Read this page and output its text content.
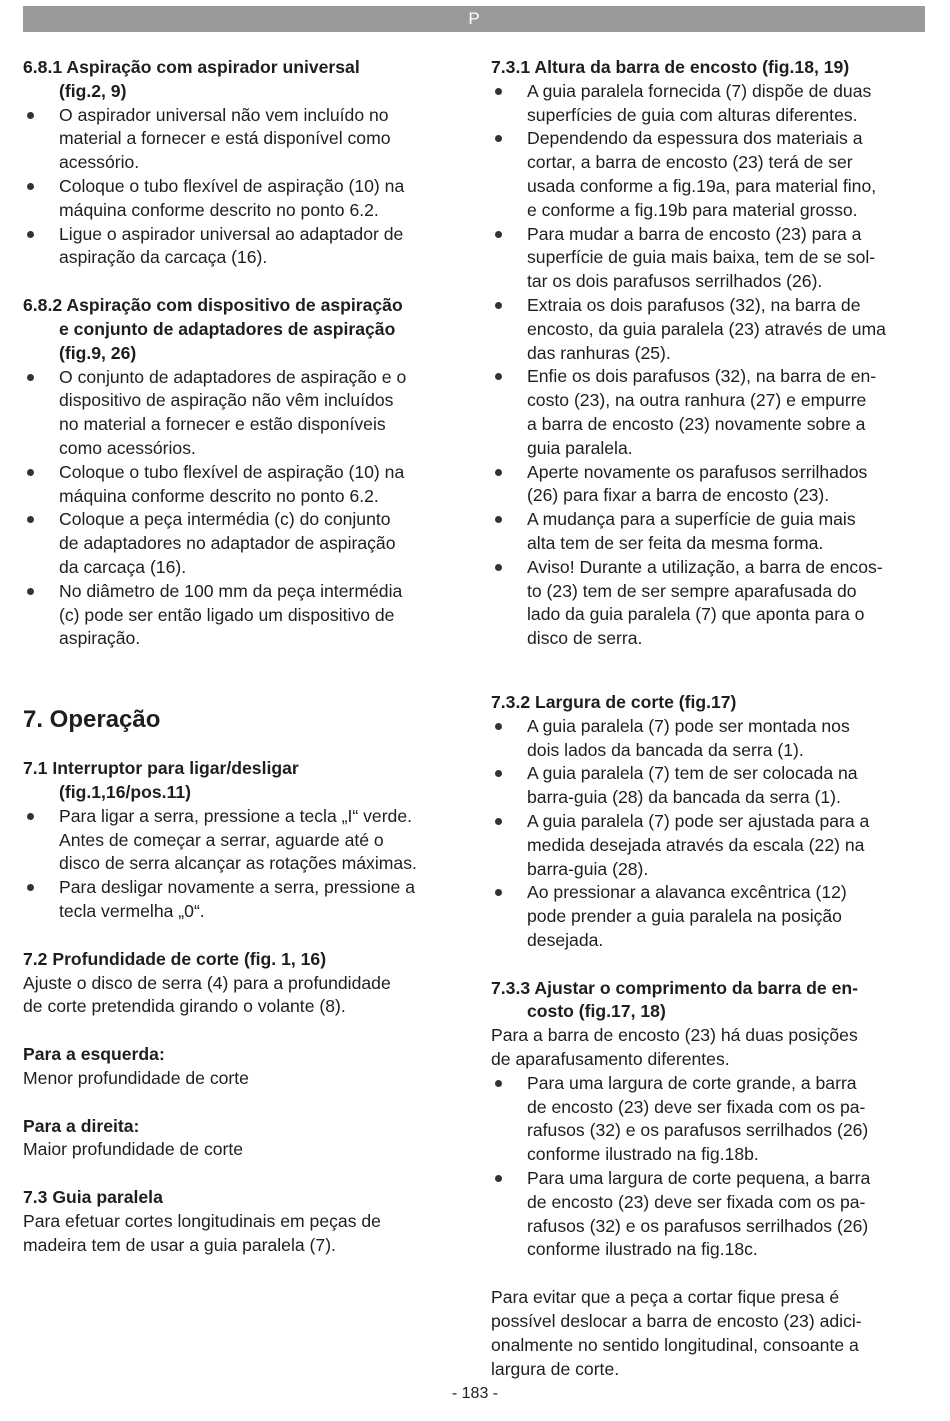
P
6.8.1 Aspiração com aspirador universal
(fig.2, 9)
O aspirador universal não vem incluído no
material a fornecer e está disponível como
acessório.
Coloque o tubo flexível de aspiração (10) na
máquina conforme descrito no ponto 6.2.
Ligue o aspirador universal ao adaptador de
aspiração da carcaça (16).
6.8.2 Aspiração com dispositivo de aspiração
e conjunto de adaptadores de aspiração
(fig.9, 26)
O conjunto de adaptadores de aspiração e o
dispositivo de aspiração não vêm incluídos
no material a fornecer e estão disponíveis
como acessórios.
Coloque o tubo flexível de aspiração (10) na
máquina conforme descrito no ponto 6.2.
Coloque a peça intermédia (c) do conjunto
de adaptadores no adaptador de aspiração
da carcaça (16).
No diâmetro de 100 mm da peça intermédia
(c) pode ser então ligado um dispositivo de
aspiração.
7. Operação
7.1 Interruptor para ligar/desligar
(fig.1,16/pos.11)
Para ligar a serra, pressione a tecla „I“ verde.
Antes de começar a serrar, aguarde até o
disco de serra alcançar as rotações máximas.
Para desligar novamente a serra, pressione a
tecla vermelha „0“.
7.2 Profundidade de corte (fig. 1, 16)

Ajuste o disco de serra (4) para a profundidade
de corte pretendida girando o volante (8).

Para a esquerda:

Menor profundidade de corte

Para a direita:

Maior profundidade de corte

7.3 Guia paralela

Para efetuar cortes longitudinais em peças de
madeira tem de usar a guia paralela (7).

7.3.1 Altura da barra de encosto (fig.18, 19)
A guia paralela fornecida (7) dispõe de duas
superfícies de guia com alturas diferentes.
Dependendo da espessura dos materiais a
cortar, a barra de encosto (23) terá de ser
usada conforme a fig.19a, para material fino,
e conforme a fig.19b para material grosso.
Para mudar a barra de encosto (23) para a
superfície de guia mais baixa, tem de se sol-
tar os dois parafusos serrilhados (26).
Extraia os dois parafusos (32), na barra de
encosto, da guia paralela (23) através de uma
das ranhuras (25).
Enfie os dois parafusos (32), na barra de en-
costo (23), na outra ranhura (27) e empurre
a barra de encosto (23) novamente sobre a
guia paralela.
Aperte novamente os parafusos serrilhados
(26) para fixar a barra de encosto (23).
A mudança para a superfície de guia mais
alta tem de ser feita da mesma forma.
Aviso! Durante a utilização, a barra de encos-
to (23) tem de ser sempre aparafusada do
lado da guia paralela (7) que aponta para o
disco de serra.
7.3.2 Largura de corte (fig.17)
A guia paralela (7) pode ser montada nos
dois lados da bancada da serra (1).
A guia paralela (7) tem de ser colocada na
barra-guia (28) da bancada da serra (1).
A guia paralela (7) pode ser ajustada para a
medida desejada através da escala (22) na
barra-guia (28).
Ao pressionar a alavanca excêntrica (12)
pode prender a guia paralela na posição
desejada.
7.3.3 Ajustar o comprimento da barra de en-
costo (fig.17, 18)

Para a barra de encosto (23) há duas posições
de aparafusamento diferentes.

Para uma largura de corte grande, a barra
de encosto (23) deve ser fixada com os pa-
rafusos (32) e os parafusos serrilhados (26)
conforme ilustrado na fig.18b.
Para uma largura de corte pequena, a barra
de encosto (23) deve ser fixada com os pa-
rafusos (32) e os parafusos serrilhados (26)
conforme ilustrado na fig.18c.

Para evitar que a peça a cortar fique presa é
possível deslocar a barra de encosto (23) adici-
onalmente no sentido longitudinal, consoante a
largura de corte.

- 183 -
